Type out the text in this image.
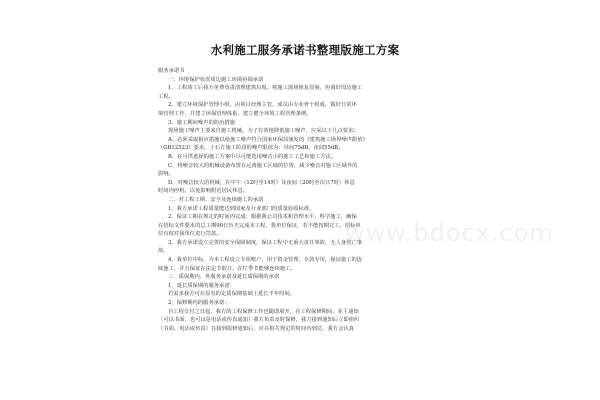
水利施工服务承诺书整理版施工方案
服务承诺书
一、环境保护状况周边施工环境协调承诺
1、工程竣工后我方免费负责清理建筑垃圾，将施工现场恢复原貌，协调好周边施工
工程。
2、建立环境保护管理小组，由项目经理主管，成员由专业骨干组成，做好日常环
境管理工作，并建立环保管理体系，建立健全环境工程管理条例。
3、施工期间噪声的防治措施
现场施工噪声主要来自施工机械，为了有效地降低施工噪声，应采以下几点要求：
A、必须采取相应措施以使施工噪声符合国家环保局颁发的《建筑施工场界噪声限值》
（GB12523）要求，土石方施工阶段的噪声限值为：昼间75dB，夜间55dB。
B、在可供选择的施工方案中尽可能选用噪音小的施工工艺和施工方法。
C、将噪音较大的机械设备布置在远离施工区域的位置，减少噪音对施工区域外的
影响。
D、对噪音较大的机械，在中午（12时至14时）及夜间（20时至次日7时）休息
时间内停机，以免影响附近居民休息。
二、对工程工期、安全及连续施工的承诺
1、我方承诺工程质量能达到国家及行业部门的质量验收标准。
2、保证工期在规定的时间内完成：根据我公司技术和管理水平，科学施工，确保
在招标文件要求的总工期90日历天完成本工程，我单位保证，若不能按期完工，招标单
位有权对我单位进行罚款。
3、我方承诺设立完善的安全保障制度，保证工程中无重大责任事故，无人身伤亡事
故。
4、我单位中标，为本工程设立专项账户，用于资金管理，专款专用，保证施工的连
续施工，并且保证在法定节假日，在忙季节能够连续施工。
三、质保期内、外服务承诺及延长质保期的承诺
1、延长质保期的服务承诺：
若需求我方可在原有的定质保期基础上延长半年时间。
2、保修期内的服务承诺：
自工程交付之日起，我方的工程保修工作也随即展开，在工程保修期间，业主通知
（可以书面，也可以是电话或传真通知）我方负责及时保修，我方接到通知后立即组织
（书面、电话或传真）在接到报修通知后，应在相关规定的时间内到达，我方会认真
www.bdocx.com
